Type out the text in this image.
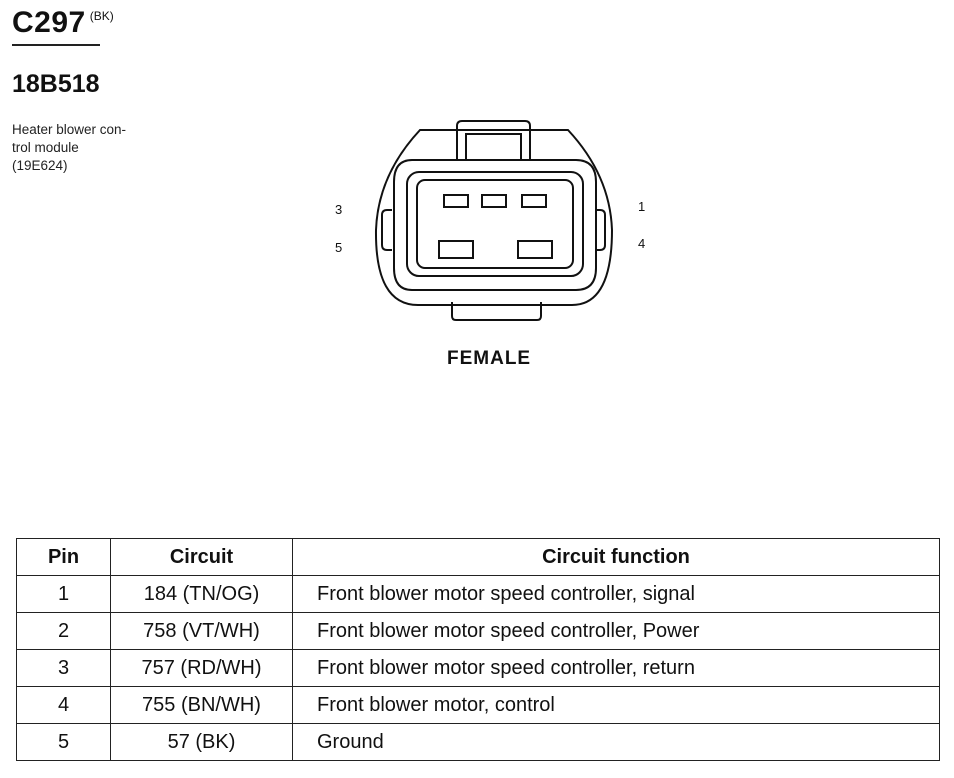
C297 $^{(BK)}$
18B518
Heater blower con-
trol module
(19E624)
3
5
1
4
FEMALE
Pin	Circuit	Circuit function
1	184 (TN/OG)	Front blower motor speed controller, signal
2	758 (VT/WH)	Front blower motor speed controller, Power
3	757 (RD/WH)	Front blower motor speed controller, return
4	755 (BN/WH)	Front blower motor, control
5	57 (BK)	Ground
